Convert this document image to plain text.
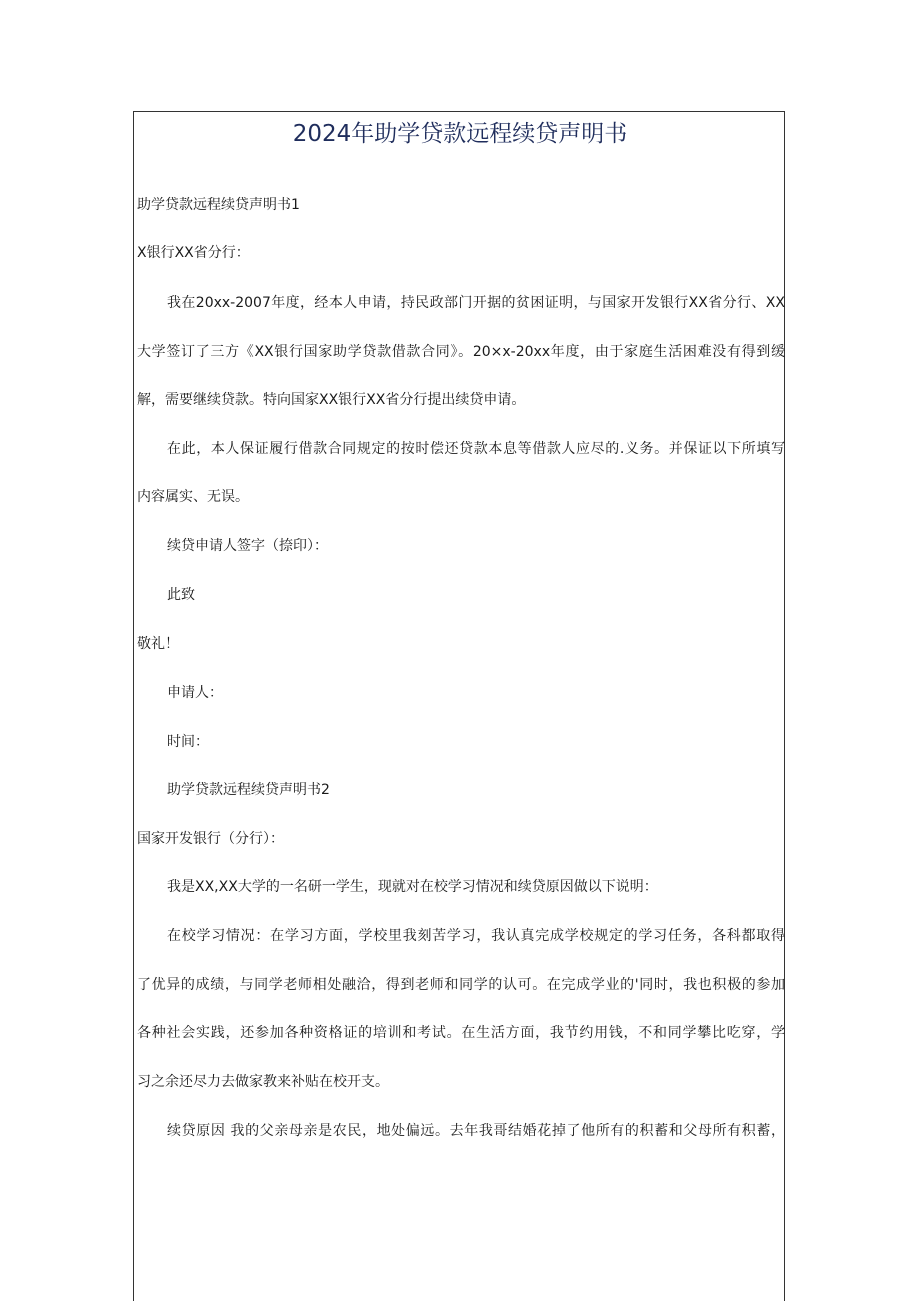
2024年助学贷款远程续贷声明书
助学贷款远程续贷声明书1
X银行XX省分行：
我在20xx-2007年度，经本人申请，持民政部门开据的贫困证明，与国家开发银行XX省分行、XX
大学签订了三方《XX银行国家助学贷款借款合同》。20×x-20xx年度，由于家庭生活困难没有得到缓
解，需要继续贷款。特向国家XX银行XX省分行提出续贷申请。
在此，本人保证履行借款合同规定的按时偿还贷款本息等借款人应尽的.义务。并保证以下所填写
内容属实、无误。
续贷申请人签字（捺印）：
此致
敬礼！
申请人：
时间：
助学贷款远程续贷声明书2
国家开发银行（分行）：
我是XX,XX大学的一名研一学生，现就对在校学习情况和续贷原因做以下说明：
在校学习情况：在学习方面，学校里我刻苦学习，我认真完成学校规定的学习任务，各科都取得
了优异的成绩，与同学老师相处融洽，得到老师和同学的认可。在完成学业的'同时，我也积极的参加
各种社会实践，还参加各种资格证的培训和考试。在生活方面，我节约用钱，不和同学攀比吃穿，学
习之余还尽力去做家教来补贴在校开支。
续贷原因 我的父亲母亲是农民，地处偏远。去年我哥结婚花掉了他所有的积蓄和父母所有积蓄，
